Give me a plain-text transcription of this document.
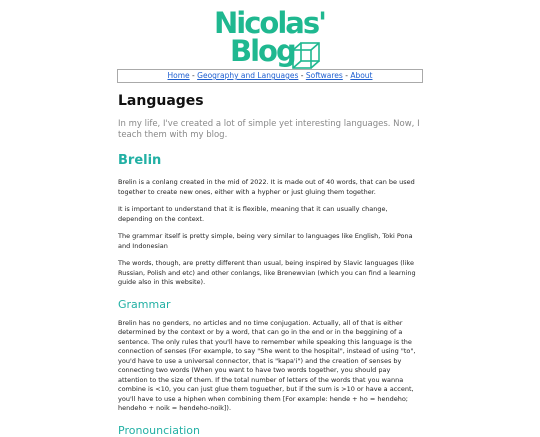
Nicolas'
Blog
Home - Geography and Languages - Softwares - About
Languages

In my life, I've created a lot of simple yet interesting languages. Now, I teach them with my blog.

Brelin

Brelin is a conlang created in the mid of 2022. It is made out of 40 words, that can be used together to create new ones, either with a hypher or just gluing them together.

It is important to understand that it is flexible, meaning that it can usually change, depending on the context.

The grammar itself is pretty simple, being very similar to languages like English, Toki Pona and Indonesian

The words, though, are pretty different than usual, being inspired by Slavic languages (like Russian, Polish and etc) and other conlangs, like Brenewvian (which you can find a learning guide also in this website).

Grammar

Brelin has no genders, no articles and no time conjugation. Actually, all of that is either determined by the context or by a word, that can go in the end or in the beggining of a sentence. The only rules that you'll have to remember while speaking this language is the connection of senses (For example, to say "She went to the hospital", instead of using "to", you'd have to use a universal connector, that is "kapa'i") and the creation of senses by connecting two words (When you want to have two words together, you should pay attention to the size of them. If the total number of letters of the words that you wanna combine is <10, you can just glue them toguether, but if the sum is >10 or have a accent, you'll have to use a hiphen when combining them [For example: hende + ho = hendeho; hendeho + noik = hendeho-noik]).

Pronounciation
